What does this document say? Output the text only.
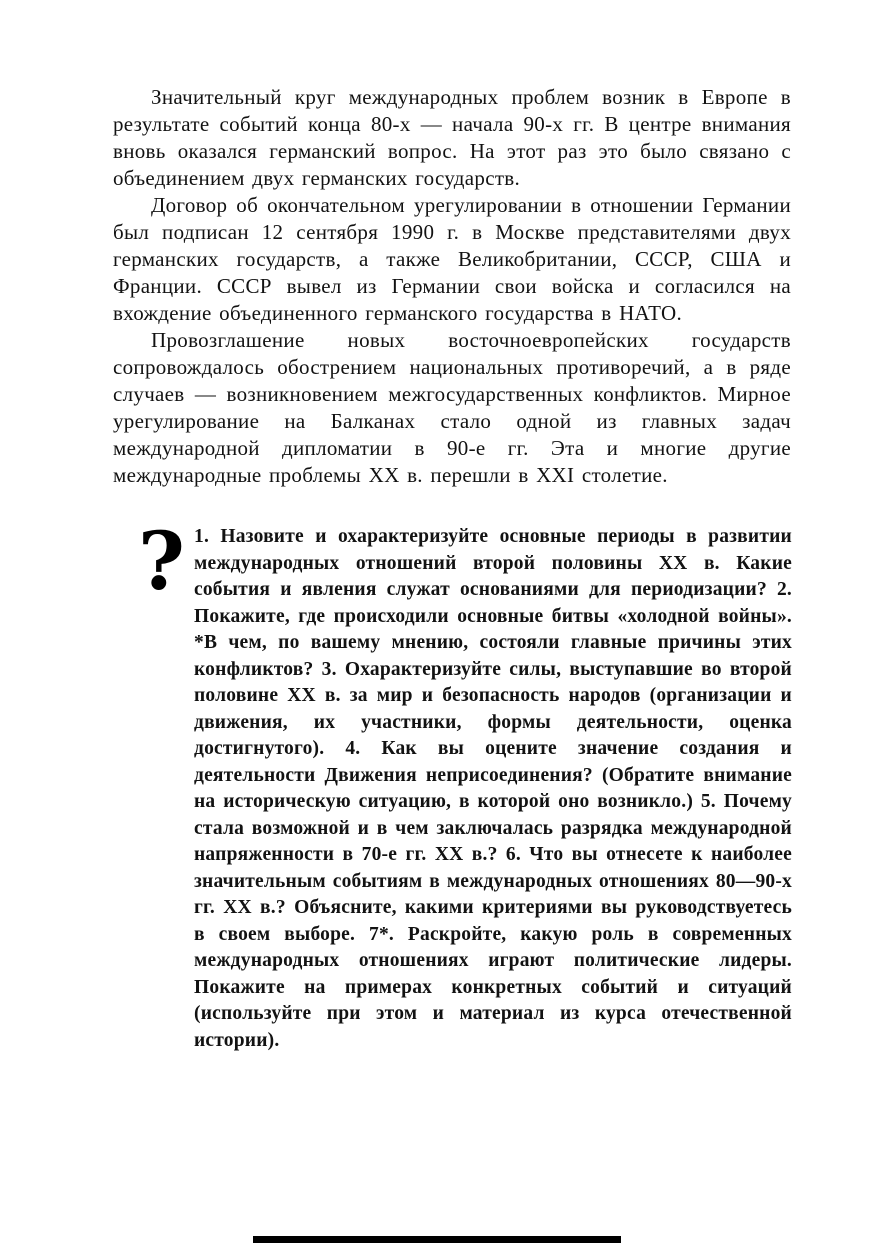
Значительный круг международных проблем возник в Европе в результате событий конца 80-х — начала 90-х гг. В центре внимания вновь оказался германский вопрос. На этот раз это было связано с объединением двух германских государств.

Договор об окончательном урегулировании в отношении Германии был подписан 12 сентября 1990 г. в Москве представителями двух германских государств, а также Великобритании, СССР, США и Франции. СССР вывел из Германии свои войска и согласился на вхождение объединенного германского государства в НАТО.

Провозглашение новых восточноевропейских государств сопровождалось обострением национальных противоречий, а в ряде случаев — возникновением межгосударственных конфликтов. Мирное урегулирование на Балканах стало одной из главных задач международной дипломатии в 90-е гг. Эта и многие другие международные проблемы XX в. перешли в XXI столетие.

? 1. Назовите и охарактеризуйте основные периоды в развитии международных отношений второй половины XX в. Какие события и явления служат основаниями для периодизации? 2. Покажите, где происходили основные битвы «холодной войны». *В чем, по вашему мнению, состояли главные причины этих конфликтов? 3. Охарактеризуйте силы, выступавшие во второй половине XX в. за мир и безопасность народов (организации и движения, их участники, формы деятельности, оценка достигнутого). 4. Как вы оцените значение создания и деятельности Движения неприсоединения? (Обратите внимание на историческую ситуацию, в которой оно возникло.) 5. Почему стала возможной и в чем заключалась разрядка международной напряженности в 70-е гг. XX в.? 6. Что вы отнесете к наиболее значительным событиям в международных отношениях 80—90-х гг. XX в.? Объясните, какими критериями вы руководствуетесь в своем выборе. 7*. Раскройте, какую роль в современных международных отношениях играют политические лидеры. Покажите на примерах конкретных событий и ситуаций (используйте при этом и материал из курса отечественной истории).
